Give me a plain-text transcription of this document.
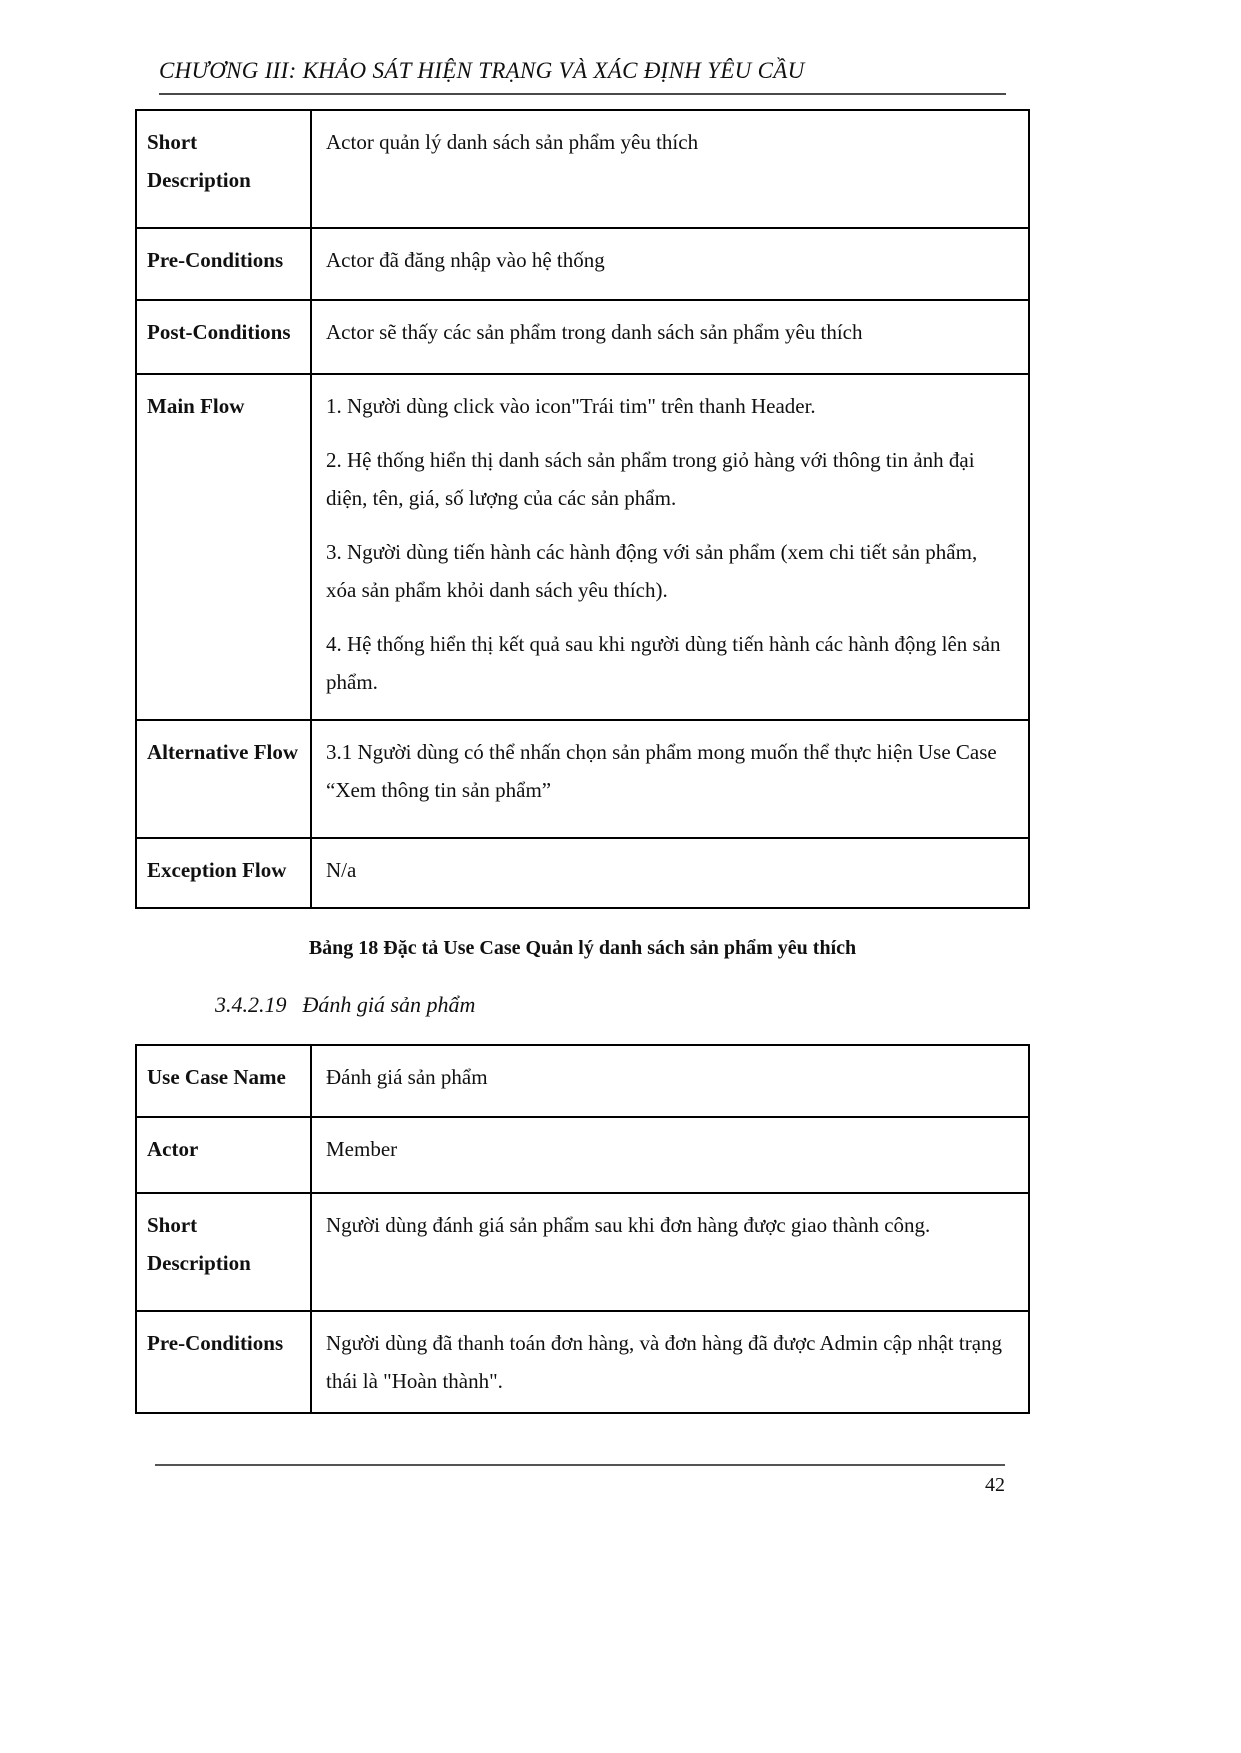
CHƯƠNG III: KHẢO SÁT HIỆN TRẠNG VÀ XÁC ĐỊNH YÊU CẦU

Short Description	Actor quản lý danh sách sản phẩm yêu thích

Pre-Conditions	Actor đã đăng nhập vào hệ thống

Post-Conditions	Actor sẽ thấy các sản phẩm trong danh sách sản phẩm yêu thích

Main Flow	1. Người dùng click vào icon"Trái tim" trên thanh Header.

2. Hệ thống hiển thị danh sách sản phẩm trong giỏ hàng với thông tin ảnh đại diện, tên, giá, số lượng của các sản phẩm.

3. Người dùng tiến hành các hành động với sản phẩm (xem chi tiết sản phẩm, xóa sản phẩm khỏi danh sách yêu thích).

4. Hệ thống hiển thị kết quả sau khi người dùng tiến hành các hành động lên sản phẩm.

Alternative Flow	3.1 Người dùng có thể nhấn chọn sản phẩm mong muốn thể thực hiện Use Case “Xem thông tin sản phẩm”

Exception Flow	N/a

Bảng 18 Đặc tả Use Case Quản lý danh sách sản phẩm yêu thích

3.4.2.19 Đánh giá sản phẩm

Use Case Name	Đánh giá sản phẩm

Actor	Member

Short Description	Người dùng đánh giá sản phẩm sau khi đơn hàng được giao thành công.

Pre-Conditions	Người dùng đã thanh toán đơn hàng, và đơn hàng đã được Admin cập nhật trạng thái là "Hoàn thành".

42
